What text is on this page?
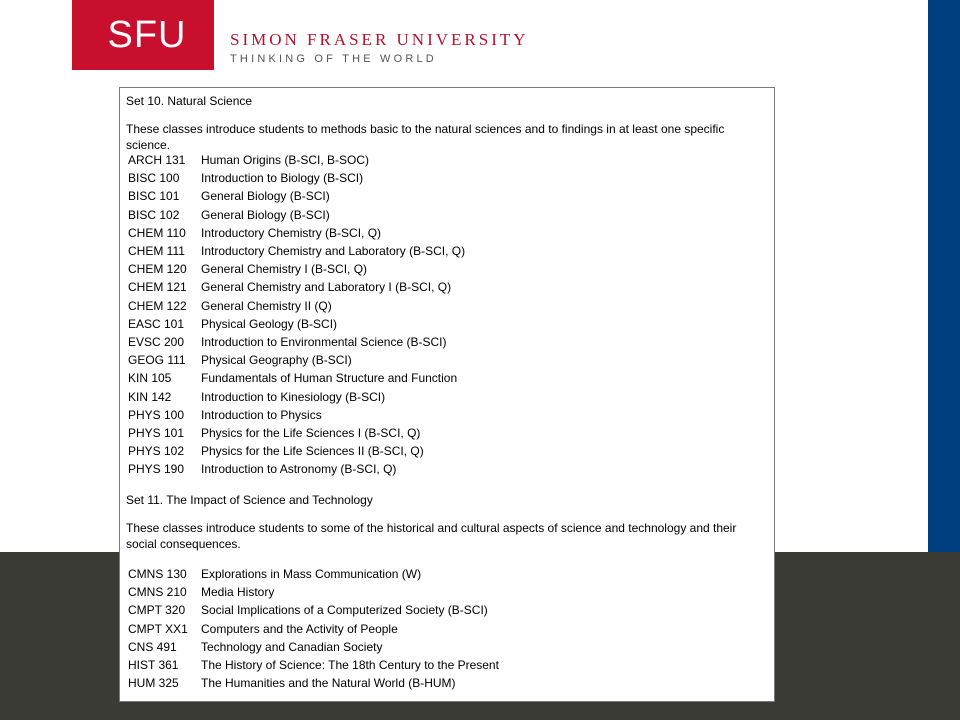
SFU	SIMON FRASER UNIVERSITY
THINKING OF THE WORLD
Set 10. Natural Science
These classes introduce students to methods basic to the natural sciences and to findings in at least one specific science.
ARCH 131 Human Origins (B-SCI, B-SOC)
BISC 100 Introduction to Biology (B-SCI)
BISC 101 General Biology (B-SCI)
BISC 102 General Biology (B-SCI)
CHEM 110 Introductory Chemistry (B-SCI, Q)
CHEM 111 Introductory Chemistry and Laboratory (B-SCI, Q)
CHEM 120 General Chemistry I (B-SCI, Q)
CHEM 121 General Chemistry and Laboratory I (B-SCI, Q)
CHEM 122 General Chemistry II (Q)
EASC 101 Physical Geology (B-SCI)
EVSC 200 Introduction to Environmental Science (B-SCI)
GEOG 111 Physical Geography (B-SCI)
KIN 105 Fundamentals of Human Structure and Function
KIN 142 Introduction to Kinesiology (B-SCI)
PHYS 100 Introduction to Physics
PHYS 101 Physics for the Life Sciences I (B-SCI, Q)
PHYS 102 Physics for the Life Sciences II (B-SCI, Q)
PHYS 190 Introduction to Astronomy (B-SCI, Q)
Set 11. The Impact of Science and Technology
These classes introduce students to some of the historical and cultural aspects of science and technology and their social consequences.
CMNS 130 Explorations in Mass Communication (W)
CMNS 210 Media History
CMPT 320 Social Implications of a Computerized Society (B-SCI)
CMPT XX1 Computers and the Activity of People
CNS 491 Technology and Canadian Society
HIST 361 The History of Science: The 18th Century to the Present
HUM 325 The Humanities and the Natural World (B-HUM)
